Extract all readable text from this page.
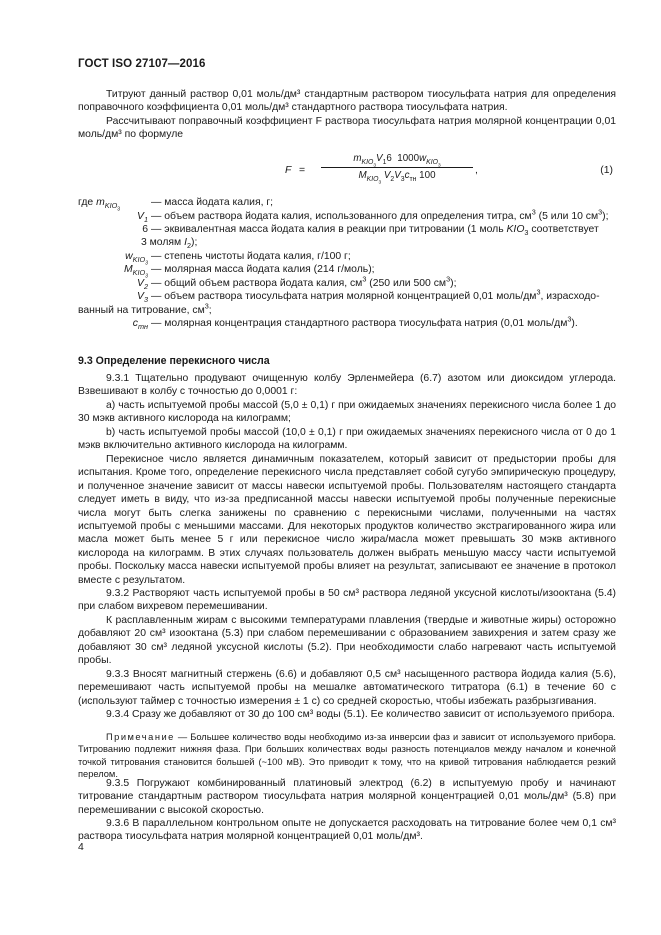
ГОСТ ISO 27107—2016
Титруют данный раствор 0,01 моль/дм³ стандартным раствором тиосульфата натрия для определения поправочного коэффициента 0,01 моль/дм³ стандартного раствора тиосульфата натрия.
Рассчитывают поправочный коэффициент F раствора тиосульфата натрия молярной концентрации 0,01 моль/дм³ по формуле
F =
$m_{KIO_3}V_16$  $1000w_{KIO_3}$
$M_{KIO_3}$ $V_2V_3c_{тн}$ 100	,	(1)
где $m_{KIO_3}$
— масса йодата калия, г;
$V_1$ — объем раствора йодата калия, использованного для определения титра, $см^3$ (5 или 10 $см^3$);
6 — эквивалентная масса йодата калия в реакции при титровании (1 моль $KIO_3$ соответствует
3 молям $I_2$);
$w_{KIO_3}$
— степень чистоты йодата калия, г/100 г;
$M_{KIO_3}$
— молярная масса йодата калия (214 г/моль);
$V_2$ — общий объем раствора йодата калия, $см^3$ (250 или 500 $см^3$);
$V_3$ — объем раствора тиосульфата натрия молярной концентрацией 0,01 моль/$дм^3$, израсходо-
ванный на титрование, $см^3$;
$c_{тн}$ — молярная концентрация стандартного раствора тиосульфата натрия (0,01 моль/$дм^3$).
9.3 Определение перекисного числа
9.3.1 Тщательно продувают очищенную колбу Эрленмейера (6.7) азотом или диоксидом углерода. Взвешивают в колбу с точностью до 0,0001 г:
а) часть испытуемой пробы массой (5,0 ± 0,1) г при ожидаемых значениях перекисного числа более 1 до 30 мэкв активного кислорода на килограмм;
b) часть испытуемой пробы массой (10,0 ± 0,1) г при ожидаемых значениях перекисного числа от 0 до 1 мэкв включительно активного кислорода на килограмм.
Перекисное число является динамичным показателем, который зависит от предыстории пробы для испытания. Кроме того, определение перекисного числа представляет собой сугубо эмпирическую процедуру, и полученное значение зависит от массы навески испытуемой пробы. Пользователям настоящего стандарта следует иметь в виду, что из-за предписанной массы навески испытуемой пробы полученные перекисные числа могут быть слегка занижены по сравнению с перекисными числами, полученными на частях испытуемой пробы с меньшими массами. Для некоторых продуктов количество экстрагированного жира или масла может быть менее 5 г или перекисное число жира/масла может превышать 30 мэкв активного кислорода на килограмм. В этих случаях пользователь должен выбрать меньшую массу части испытуемой пробы. Поскольку масса навески испытуемой пробы влияет на результат, записывают ее значение в протокол вместе с результатом.
9.3.2 Растворяют часть испытуемой пробы в 50 см³ раствора ледяной уксусной кислоты/изооктана (5.4) при слабом вихревом перемешивании.
К расплавленным жирам с высокими температурами плавления (твердые и животные жиры) осторожно добавляют 20 см³ изооктана (5.3) при слабом перемешивании с образованием завихрения и затем сразу же добавляют 30 см³ ледяной уксусной кислоты (5.2). При необходимости слабо нагревают часть испытуемой пробы.
9.3.3 Вносят магнитный стержень (6.6) и добавляют 0,5 см³ насыщенного раствора йодида калия (5.6), перемешивают часть испытуемой пробы на мешалке автоматического титратора (6.1) в течение 60 с (используют таймер с точностью измерения ± 1 с) со средней скоростью, чтобы избежать разбрызгивания.
9.3.4 Сразу же добавляют от 30 до 100 см³ воды (5.1). Ее количество зависит от используемого прибора.
Примечание — Большее количество воды необходимо из-за инверсии фаз и зависит от используемого прибора. Титрованию подлежит нижняя фаза. При больших количествах воды разность потенциалов между началом и конечной точкой титрования становится большей (~100 мВ). Это приводит к тому, что на кривой титрования наблюдается резкий перелом.
9.3.5 Погружают комбинированный платиновый электрод (6.2) в испытуемую пробу и начинают титрование стандартным раствором тиосульфата натрия молярной концентрацией 0,01 моль/дм³ (5.8) при перемешивании с высокой скоростью.
9.3.6 В параллельном контрольном опыте не допускается расходовать на титрование более чем 0,1 см³ раствора тиосульфата натрия молярной концентрацией 0,01 моль/дм³.
4
